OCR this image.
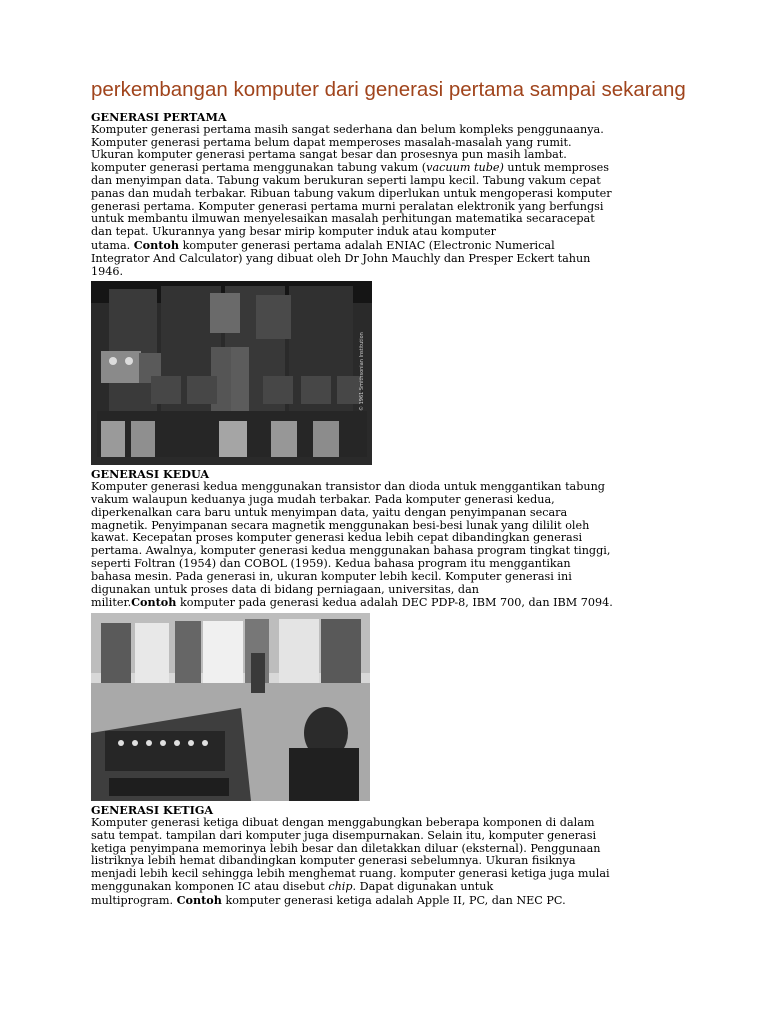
perkembangan komputer dari generasi pertama sampai sekarang

GENERASI PERTAMA

Komputer generasi pertama masih sangat sederhana dan belum kompleks penggunaanya.
Komputer generasi pertama belum dapat memperoses masalah-masalah yang rumit.
Ukuran komputer generasi pertama sangat besar dan prosesnya pun masih lambat.
komputer generasi pertama menggunakan tabung vakum (vacuum tube) untuk memproses
dan menyimpan data. Tabung vakum berukuran seperti lampu kecil. Tabung vakum cepat
panas dan mudah terbakar. Ribuan tabung vakum diperlukan untuk mengoperasi komputer
generasi pertama. Komputer generasi pertama murni peralatan elektronik yang berfungsi
untuk membantu ilmuwan menyelesaikan masalah perhitungan matematika secaracepat
dan tepat. Ukurannya yang besar mirip komputer induk atau komputer
utama. Contoh komputer generasi pertama adalah ENIAC (Electronic Numerical
Integrator And Calculator) yang dibuat oleh Dr John Mauchly dan Presper Eckert tahun
1946.

© 1961 Smithsonian Institution

GENERASI KEDUA

Komputer generasi kedua menggunakan transistor dan dioda untuk menggantikan tabung
vakum walaupun keduanya juga mudah terbakar. Pada komputer generasi kedua,
diperkenalkan cara baru untuk menyimpan data, yaitu dengan penyimpanan secara
magnetik. Penyimpanan secara magnetik menggunakan besi-besi lunak yang dililit oleh
kawat. Kecepatan proses komputer generasi kedua lebih cepat dibandingkan generasi
pertama. Awalnya, komputer generasi kedua menggunakan bahasa program tingkat tinggi,
seperti Foltran (1954) dan COBOL (1959). Kedua bahasa program itu menggantikan
bahasa mesin. Pada generasi in, ukuran komputer lebih kecil. Komputer generasi ini
digunakan untuk proses data di bidang perniagaan, universitas, dan
militer.Contoh komputer pada generasi kedua adalah DEC PDP-8, IBM 700, dan IBM 7094.

GENERASI KETIGA

Komputer generasi ketiga dibuat dengan menggabungkan beberapa komponen di dalam
satu tempat. tampilan dari komputer juga disempurnakan. Selain itu, komputer generasi
ketiga penyimpana memorinya lebih besar dan diletakkan diluar (eksternal). Penggunaan
listriknya lebih hemat dibandingkan komputer generasi sebelumnya. Ukuran fisiknya
menjadi lebih kecil sehingga lebih menghemat ruang. komputer generasi ketiga juga mulai
menggunakan komponen IC atau disebut chip. Dapat digunakan untuk
multiprogram. Contoh komputer generasi ketiga adalah Apple II, PC, dan NEC PC.
